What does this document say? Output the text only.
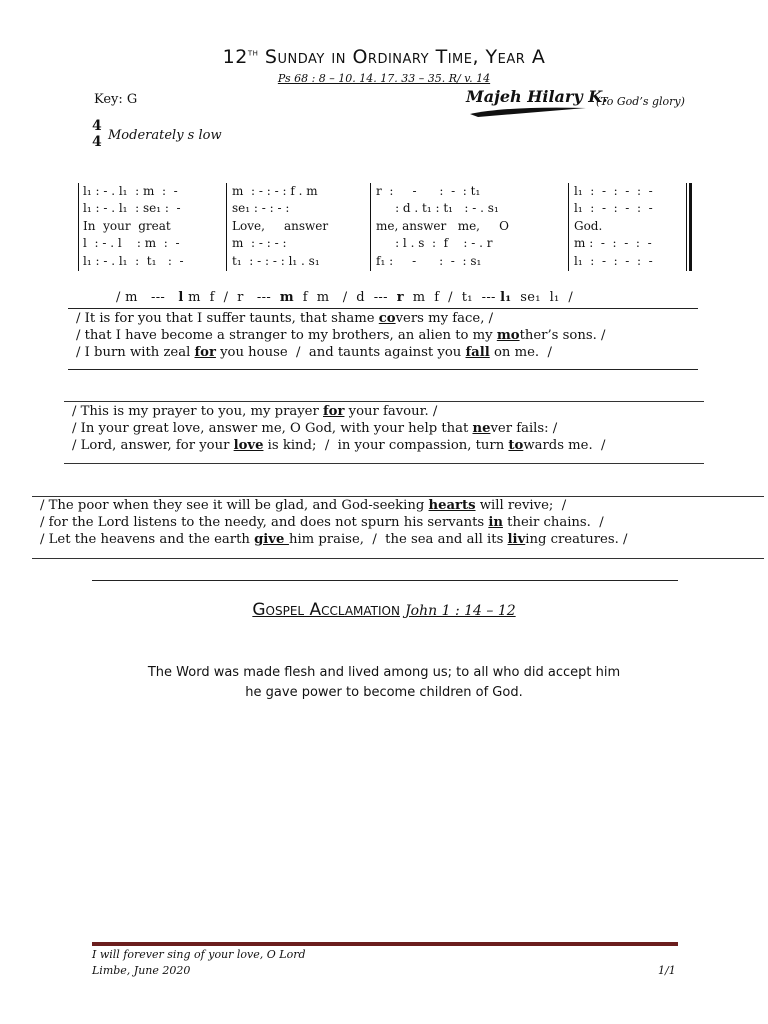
12th Sunday in Ordinary Time, Year A
Ps 68 : 8 – 10. 14. 17. 33 – 35. R/ v. 14
Key: G	Majeh Hilary K.
(To God’s glory)
4
4 Moderately s low
l₁ : - . l₁  : m  :  -	m  : - : - : f . m	r  :     -      :  -  : t₁	l₁  :  -  :  -  :  -
l₁ : - . l₁  : se₁ :  -	se₁ : - : - :	: d . t₁ : t₁   : - . s₁	l₁  :  -  :  -  :  -
In  your  great	Love,     answer	me, answer   me,     O	God.
l  : - . l    : m  :  -	m  : - : - :	: l . s  :  f    : - . r	m :  -  :  -  :  -
l₁ : - . l₁  :  t₁   :  -	t₁  : - : - : l₁ . s₁	f₁ :     -      :  -  : s₁	l₁  :  -  :  -  :  -
/ m   ---   l m  f  /  r   ---  m  f  m   /  d  ---  r  m  f  /  t₁  --- l₁  se₁  l₁  /
/ It is for you that I suffer taunts, that shame covers my face, /
/ that I have become a stranger to my brothers, an alien to my mother’s sons. /
/ I burn with zeal for you house  /  and taunts against you fall on me.  /
/ This is my prayer to you, my prayer for your favour. /
/ In your great love, answer me, O God, with your help that never fails: /
/ Lord, answer, for your love is kind;  /  in your compassion, turn towards me.  /
/ The poor when they see it will be glad, and God-seeking hearts will revive;  /
/ for the Lord listens to the needy, and does not spurn his servants in their chains.  /
/ Let the heavens and the earth give him praise,  /  the sea and all its living creatures. /
Gospel Acclamation John 1 : 14 – 12
The Word was made flesh and lived among us; to all who did accept him
he gave power to become children of God.
I will forever sing of your love, O Lord
Limbe, June 2020	1/1
